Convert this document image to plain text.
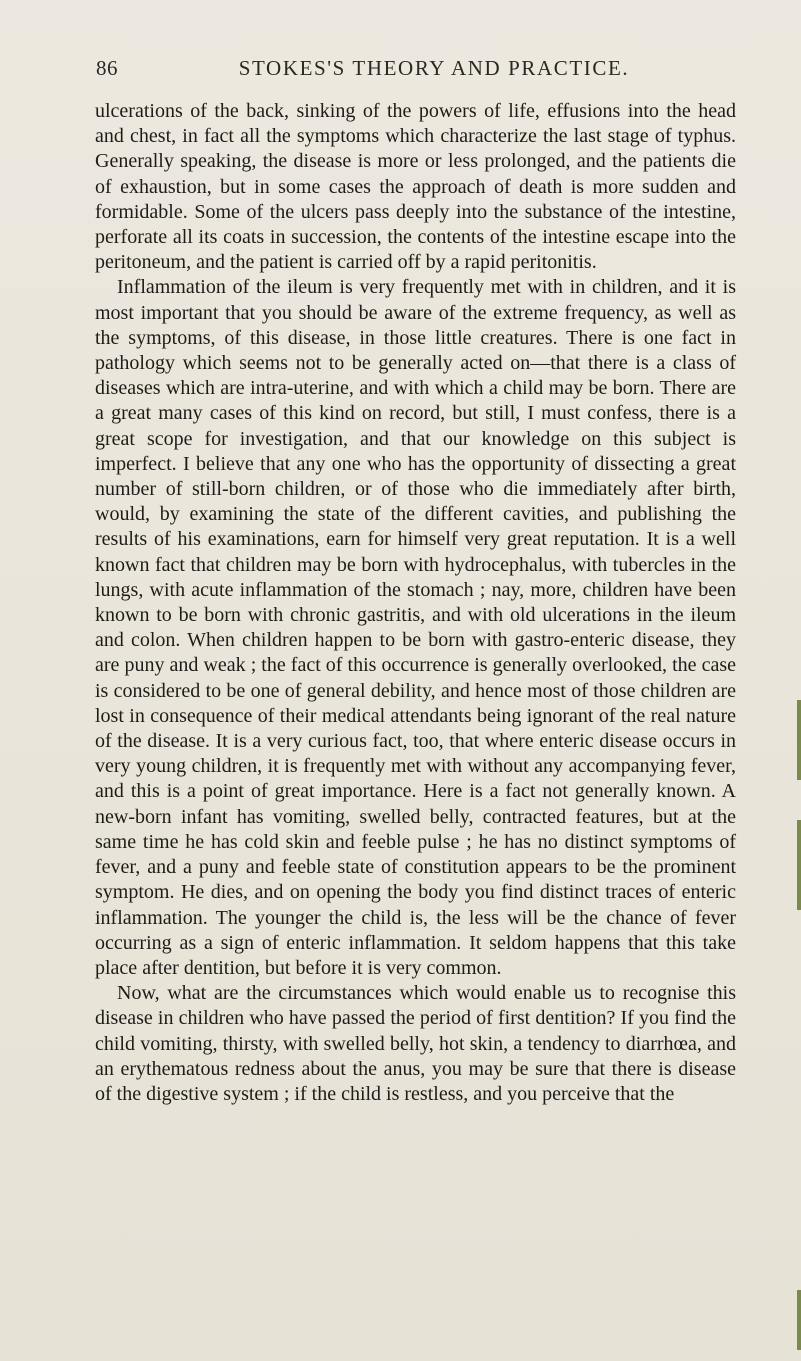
86	STOKES'S THEORY AND PRACTICE.

ulcerations of the back, sinking of the powers of life, effusions into the head and chest, in fact all the symptoms which characterize the last stage of typhus. Generally speaking, the disease is more or less prolonged, and the patients die of exhaustion, but in some cases the approach of death is more sudden and formidable. Some of the ulcers pass deeply into the substance of the intestine, perforate all its coats in succession, the contents of the intestine escape into the peritoneum, and the patient is carried off by a rapid peritonitis.

Inflammation of the ileum is very frequently met with in children, and it is most important that you should be aware of the extreme frequency, as well as the symptoms, of this disease, in those little creatures. There is one fact in pathology which seems not to be generally acted on—that there is a class of diseases which are intra-uterine, and with which a child may be born. There are a great many cases of this kind on record, but still, I must confess, there is a great scope for investigation, and that our knowledge on this subject is imperfect. I believe that any one who has the opportunity of dissecting a great number of still-born children, or of those who die immediately after birth, would, by examining the state of the different cavities, and publishing the results of his examinations, earn for himself very great reputation. It is a well known fact that children may be born with hydrocephalus, with tubercles in the lungs, with acute inflammation of the stomach ; nay, more, children have been known to be born with chronic gastritis, and with old ulcerations in the ileum and colon. When children happen to be born with gastro-enteric disease, they are puny and weak ; the fact of this occurrence is generally overlooked, the case is considered to be one of general debility, and hence most of those children are lost in consequence of their medical attendants being ignorant of the real nature of the disease. It is a very curious fact, too, that where enteric disease occurs in very young children, it is frequently met with without any accompanying fever, and this is a point of great importance. Here is a fact not generally known. A new-born infant has vomiting, swelled belly, contracted features, but at the same time he has cold skin and feeble pulse ; he has no distinct symptoms of fever, and a puny and feeble state of constitution appears to be the prominent symptom. He dies, and on opening the body you find distinct traces of enteric inflammation. The younger the child is, the less will be the chance of fever occurring as a sign of enteric inflammation. It seldom happens that this take place after dentition, but before it is very common.

Now, what are the circumstances which would enable us to recognise this disease in children who have passed the period of first dentition? If you find the child vomiting, thirsty, with swelled belly, hot skin, a tendency to diarrhœa, and an erythematous redness about the anus, you may be sure that there is disease of the digestive system ; if the child is restless, and you perceive that the
